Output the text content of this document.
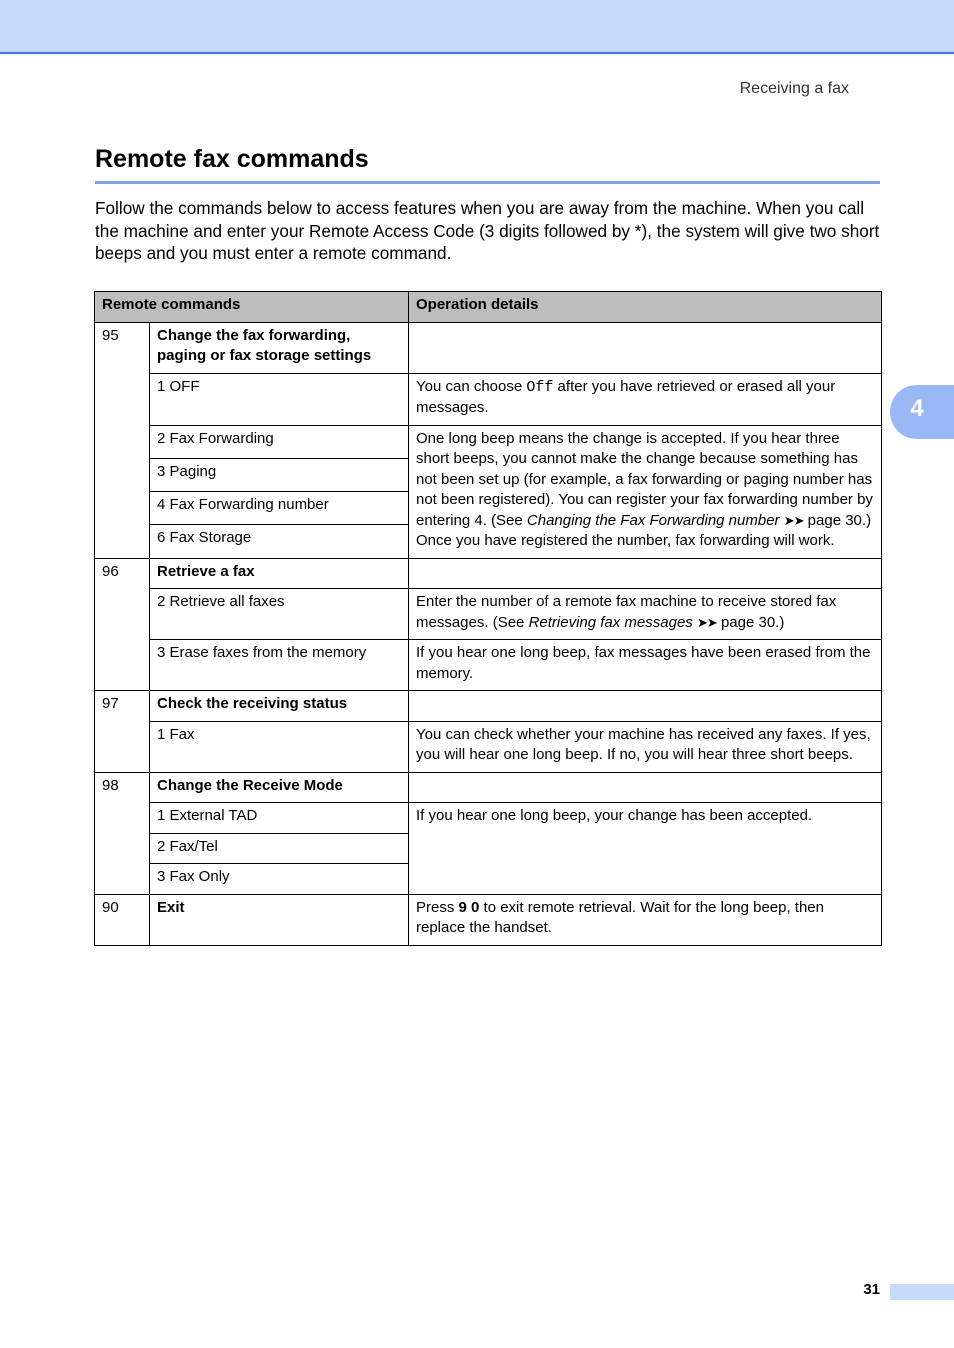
Receiving a fax
Remote fax commands

Follow the commands below to access features when you are away from the machine. When you call the machine and enter your Remote Access Code (3 digits followed by *), the system will give two short beeps and you must enter a remote command.

4
Remote commands		Operation details
95	Change the fax forwarding, paging or fax storage settings	
	1 OFF	You can choose Off after you have retrieved or erased all your messages.
	2 Fax Forwarding	One long beep means the change is accepted. If you hear three short beeps, you cannot make the change because something has not been set up (for example, a fax forwarding or paging number has not been registered). You can register your fax forwarding number by entering 4. (See Changing the Fax Forwarding number ➤➤ page 30.) Once you have registered the number, fax forwarding will work.
	3 Paging	
	4 Fax Forwarding number	
	6 Fax Storage	
96	Retrieve a fax	
	2 Retrieve all faxes	Enter the number of a remote fax machine to receive stored fax messages. (See Retrieving fax messages ➤➤ page 30.)
	3 Erase faxes from the memory	If you hear one long beep, fax messages have been erased from the memory.
97	Check the receiving status	
	1 Fax	You can check whether your machine has received any faxes. If yes, you will hear one long beep. If no, you will hear three short beeps.
98	Change the Receive Mode	
	1 External TAD	If you hear one long beep, your change has been accepted.
	2 Fax/Tel	
	3 Fax Only	
90	Exit	Press 9 0 to exit remote retrieval. Wait for the long beep, then replace the handset.
31
